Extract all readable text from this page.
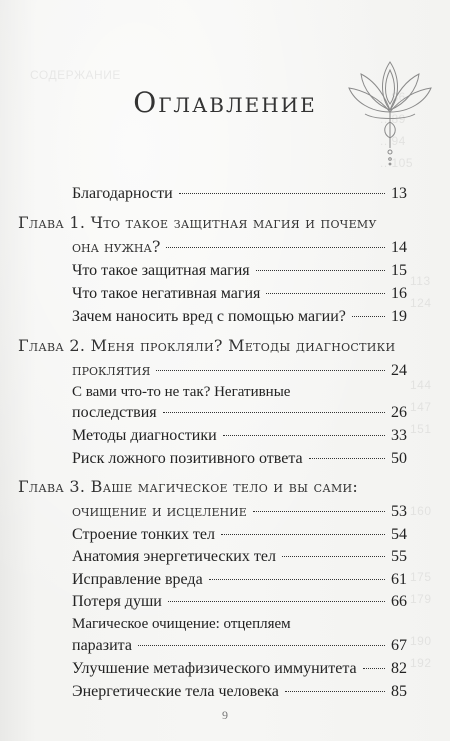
СОДЕРЖАНИЕ
.. 86
.. 89
.. 94
.. 105
113
124
144
147
151
160
175
179
190
192
Оглавление
Благодарности	13
Глава 1. Что такое защитная магия и почему
она нужна?	14
Что такое защитная магия	15
Что такое негативная магия	16
Зачем наносить вред с помощью магии?	19
Глава 2. Меня прокляли? Методы диагностики
проклятия	24
С вами что-то не так? Негативные
последствия	26
Методы диагностики	33
Риск ложного позитивного ответа	50
Глава 3. Ваше магическое тело и вы сами:
очищение и исцеление	53
Строение тонких тел	54
Анатомия энергетических тел	55
Исправление вреда	61
Потеря души	66
Магическое очищение: отцепляем
паразита	67
Улучшение метафизического иммунитета 82
Энергетические тела человека	85
9
